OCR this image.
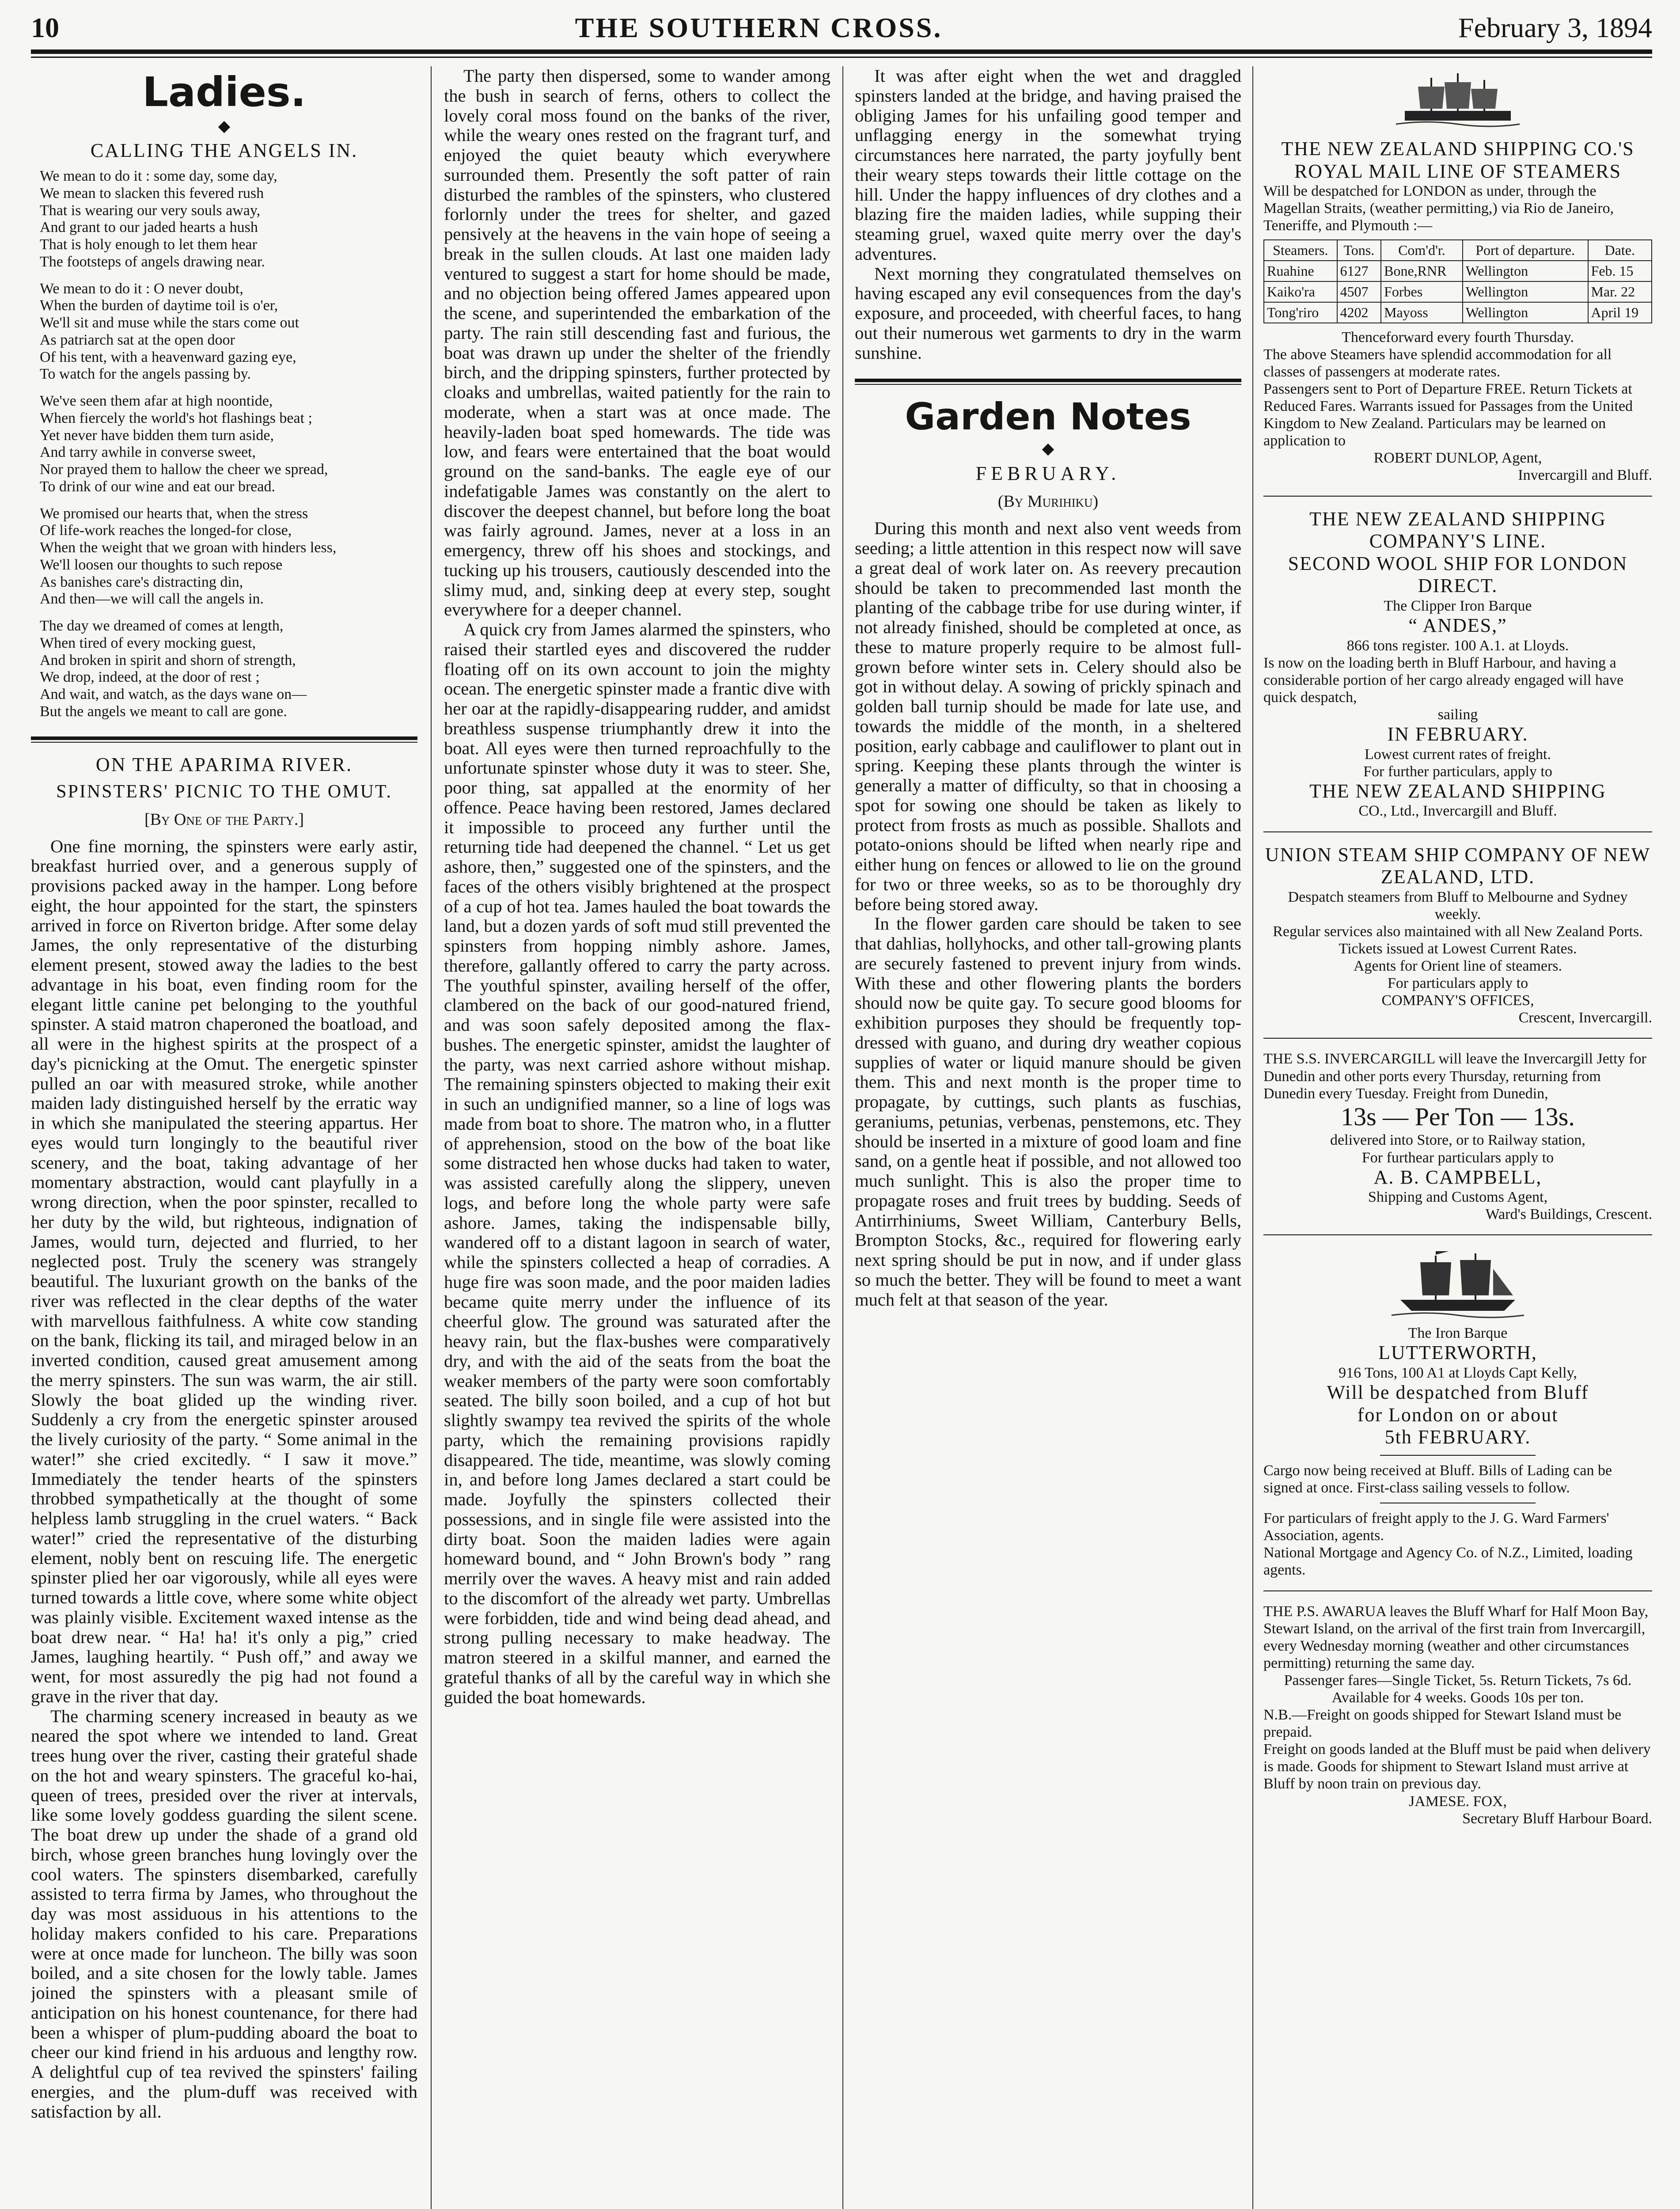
10	THE SOUTHERN CROSS.	February 3, 1894
Ladies.
◆
CALLING THE ANGELS IN.
We mean to do it : some day, some day,
We mean to slacken this fevered rush
That is wearing our very souls away,
And grant to our jaded hearts a hush
That is holy enough to let them hear
The footsteps of angels drawing near.
We mean to do it : O never doubt,
When the burden of daytime toil is o'er,
We'll sit and muse while the stars come out
As patriarch sat at the open door
Of his tent, with a heavenward gazing eye,
To watch for the angels passing by.
We've seen them afar at high noontide,
When fiercely the world's hot flashings beat ;
Yet never have bidden them turn aside,
And tarry awhile in converse sweet,
Nor prayed them to hallow the cheer we spread,
To drink of our wine and eat our bread.
We promised our hearts that, when the stress
Of life-work reaches the longed-for close,
When the weight that we groan with hinders less,
We'll loosen our thoughts to such repose
As banishes care's distracting din,
And then—we will call the angels in.
The day we dreamed of comes at length,
When tired of every mocking guest,
And broken in spirit and shorn of strength,
We drop, indeed, at the door of rest ;
And wait, and watch, as the days wane on—
But the angels we meant to call are gone.
ON THE APARIMA RIVER.
SPINSTERS' PICNIC TO THE OMUT.
[By One of the Party.]

One fine morning, the spinsters were early astir, breakfast hurried over, and a generous supply of provisions packed away in the hamper. Long before eight, the hour appointed for the start, the spinsters arrived in force on Riverton bridge. After some delay James, the only representative of the disturbing element present, stowed away the ladies to the best advantage in his boat, even finding room for the elegant little canine pet belonging to the youthful spinster. A staid matron chaperoned the boatload, and all were in the highest spirits at the prospect of a day's picnicking at the Omut. The energetic spinster pulled an oar with measured stroke, while another maiden lady distinguished herself by the erratic way in which she manipulated the steering appartus. Her eyes would turn longingly to the beautiful river scenery, and the boat, taking advantage of her momentary abstraction, would cant playfully in a wrong direction, when the poor spinster, recalled to her duty by the wild, but righteous, indignation of James, would turn, dejected and flurried, to her neglected post. Truly the scenery was strangely beautiful. The luxuriant growth on the banks of the river was reflected in the clear depths of the water with marvellous faithfulness. A white cow standing on the bank, flicking its tail, and miraged below in an inverted condition, caused great amusement among the merry spinsters. The sun was warm, the air still. Slowly the boat glided up the winding river. Suddenly a cry from the energetic spinster aroused the lively curiosity of the party. “ Some animal in the water!” she cried excitedly. “ I saw it move.” Immediately the tender hearts of the spinsters throbbed sympathetically at the thought of some helpless lamb struggling in the cruel waters. “ Back water!” cried the representative of the disturbing element, nobly bent on rescuing life. The energetic spinster plied her oar vigorously, while all eyes were turned towards a little cove, where some white object was plainly visible. Excitement waxed intense as the boat drew near. “ Ha! ha! it's only a pig,” cried James, laughing heartily. “ Push off,” and away we went, for most assuredly the pig had not found a grave in the river that day.

The charming scenery increased in beauty as we neared the spot where we intended to land. Great trees hung over the river, casting their grateful shade on the hot and weary spinsters. The graceful ko-hai, queen of trees, presided over the river at intervals, like some lovely goddess guarding the silent scene. The boat drew up under the shade of a grand old birch, whose green branches hung lovingly over the cool waters. The spinsters disembarked, carefully assisted to terra firma by James, who throughout the day was most assiduous in his attentions to the holiday makers confided to his care. Preparations were at once made for luncheon. The billy was soon boiled, and a site chosen for the lowly table. James joined the spinsters with a pleasant smile of anticipation on his honest countenance, for there had been a whisper of plum-pudding aboard the boat to cheer our kind friend in his arduous and lengthy row. A delightful cup of tea revived the spinsters' failing energies, and the plum-duff was received with satisfaction by all.

The party then dispersed, some to wander among the bush in search of ferns, others to collect the lovely coral moss found on the banks of the river, while the weary ones rested on the fragrant turf, and enjoyed the quiet beauty which everywhere surrounded them. Presently the soft patter of rain disturbed the rambles of the spinsters, who clustered forlornly under the trees for shelter, and gazed pensively at the heavens in the vain hope of seeing a break in the sullen clouds. At last one maiden lady ventured to suggest a start for home should be made, and no objection being offered James appeared upon the scene, and superintended the embarkation of the party. The rain still descending fast and furious, the boat was drawn up under the shelter of the friendly birch, and the dripping spinsters, further protected by cloaks and umbrellas, waited patiently for the rain to moderate, when a start was at once made. The heavily-laden boat sped homewards. The tide was low, and fears were entertained that the boat would ground on the sand-banks. The eagle eye of our indefatigable James was constantly on the alert to discover the deepest channel, but before long the boat was fairly aground. James, never at a loss in an emergency, threw off his shoes and stockings, and tucking up his trousers, cautiously descended into the slimy mud, and, sinking deep at every step, sought everywhere for a deeper channel.

A quick cry from James alarmed the spinsters, who raised their startled eyes and discovered the rudder floating off on its own account to join the mighty ocean. The energetic spinster made a frantic dive with her oar at the rapidly-disappearing rudder, and amidst breathless suspense triumphantly drew it into the boat. All eyes were then turned reproachfully to the unfortunate spinster whose duty it was to steer. She, poor thing, sat appalled at the enormity of her offence. Peace having been restored, James declared it impossible to proceed any further until the returning tide had deepened the channel. “ Let us get ashore, then,” suggested one of the spinsters, and the faces of the others visibly brightened at the prospect of a cup of hot tea. James hauled the boat towards the land, but a dozen yards of soft mud still prevented the spinsters from hopping nimbly ashore. James, therefore, gallantly offered to carry the party across. The youthful spinster, availing herself of the offer, clambered on the back of our good-natured friend, and was soon safely deposited among the flax-bushes. The energetic spinster, amidst the laughter of the party, was next carried ashore without mishap. The remaining spinsters objected to making their exit in such an undignified manner, so a line of logs was made from boat to shore. The matron who, in a flutter of apprehension, stood on the bow of the boat like some distracted hen whose ducks had taken to water, was assisted carefully along the slippery, uneven logs, and before long the whole party were safe ashore. James, taking the indispensable billy, wandered off to a distant lagoon in search of water, while the spinsters collected a heap of corradies. A huge fire was soon made, and the poor maiden ladies became quite merry under the influence of its cheerful glow. The ground was saturated after the heavy rain, but the flax-bushes were comparatively dry, and with the aid of the seats from the boat the weaker members of the party were soon comfortably seated. The billy soon boiled, and a cup of hot but slightly swampy tea revived the spirits of the whole party, which the remaining provisions rapidly disappeared. The tide, meantime, was slowly coming in, and before long James declared a start could be made. Joyfully the spinsters collected their possessions, and in single file were assisted into the dirty boat. Soon the maiden ladies were again homeward bound, and “ John Brown's body ” rang merrily over the waves. A heavy mist and rain added to the discomfort of the already wet party. Umbrellas were forbidden, tide and wind being dead ahead, and strong pulling necessary to make headway. The matron steered in a skilful manner, and earned the grateful thanks of all by the careful way in which she guided the boat homewards.

It was after eight when the wet and draggled spinsters landed at the bridge, and having praised the obliging James for his unfailing good temper and unflagging energy in the somewhat trying circumstances here narrated, the party joyfully bent their weary steps towards their little cottage on the hill. Under the happy influences of dry clothes and a blazing fire the maiden ladies, while supping their steaming gruel, waxed quite merry over the day's adventures.

Next morning they congratulated themselves on having escaped any evil consequences from the day's exposure, and proceeded, with cheerful faces, to hang out their numerous wet garments to dry in the warm sunshine.

Garden Notes
◆
FEBRUARY.
(By Murihiku)

During this month and next also vent weeds from seeding; a little attention in this respect now will save a great deal of work later on. As reevery precaution should be taken to precommended last month the planting of the cabbage tribe for use during winter, if not already finished, should be completed at once, as these to mature properly require to be almost full-grown before winter sets in. Celery should also be got in without delay. A sowing of prickly spinach and golden ball turnip should be made for late use, and towards the middle of the month, in a sheltered position, early cabbage and cauliflower to plant out in spring. Keeping these plants through the winter is generally a matter of difficulty, so that in choosing a spot for sowing one should be taken as likely to protect from frosts as much as possible. Shallots and potato-onions should be lifted when nearly ripe and either hung on fences or allowed to lie on the ground for two or three weeks, so as to be thoroughly dry before being stored away.

In the flower garden care should be taken to see that dahlias, hollyhocks, and other tall-growing plants are securely fastened to prevent injury from winds. With these and other flowering plants the borders should now be quite gay. To secure good blooms for exhibition purposes they should be frequently top-dressed with guano, and during dry weather copious supplies of water or liquid manure should be given them. This and next month is the proper time to propagate, by cuttings, such plants as fuschias, geraniums, petunias, verbenas, penstemons, etc. They should be inserted in a mixture of good loam and fine sand, on a gentle heat if possible, and not allowed too much sunlight. This is also the proper time to propagate roses and fruit trees by budding. Seeds of Antirrhiniums, Sweet William, Canterbury Bells, Brompton Stocks, &c., required for flowering early next spring should be put in now, and if under glass so much the better. They will be found to meet a want much felt at that season of the year.

THE NEW ZEALAND SHIPPING CO.'S

ROYAL MAIL LINE OF STEAMERS

Will be despatched for LONDON as under, through the Magellan Straits, (weather permitting,) via Rio de Janeiro, Teneriffe, and Plymouth :—

Steamers.	Tons.	Com'd'r.	Port of departure.	Date.
Ruahine	6127	Bone,RNR	Wellington	Feb. 15
Kaiko'ra	4507	Forbes	Wellington	Mar. 22
Tong'riro	4202	Mayoss	Wellington	April 19

Thenceforward every fourth Thursday.

The above Steamers have splendid accommodation for all classes of passengers at moderate rates.

Passengers sent to Port of Departure FREE. Return Tickets at Reduced Fares. Warrants issued for Passages from the United Kingdom to New Zealand. Particulars may be learned on application to

ROBERT DUNLOP, Agent,

Invercargill and Bluff.

THE NEW ZEALAND SHIPPING COMPANY'S LINE.

SECOND WOOL SHIP FOR LONDON DIRECT.

The Clipper Iron Barque

“ ANDES,”

866 tons register. 100 A.1. at Lloyds.

Is now on the loading berth in Bluff Harbour, and having a considerable portion of her cargo already engaged will have quick despatch,

sailing

IN FEBRUARY.

Lowest current rates of freight.

For further particulars, apply to

THE NEW ZEALAND SHIPPING

CO., Ltd., Invercargill and Bluff.

UNION STEAM SHIP COMPANY OF NEW ZEALAND, LTD.

Despatch steamers from Bluff to Melbourne and Sydney weekly.

Regular services also maintained with all New Zealand Ports.

Tickets issued at Lowest Current Rates.

Agents for Orient line of steamers.

For particulars apply to

COMPANY'S OFFICES,

Crescent, Invercargill.

THE S.S. INVERCARGILL will leave the Invercargill Jetty for Dunedin and other ports every Thursday, returning from Dunedin every Tuesday. Freight from Dunedin,

13s — Per Ton — 13s.

delivered into Store, or to Railway station,

For furthear particulars apply to

A. B. CAMPBELL,

Shipping and Customs Agent,

Ward's Buildings, Crescent.

The Iron Barque

LUTTERWORTH,

916 Tons, 100 A1 at Lloyds Capt Kelly,

Will be despatched from Bluff

for London on or about

5th FEBRUARY.

Cargo now being received at Bluff. Bills of Lading can be signed at once. First-class sailing vessels to follow.

For particulars of freight apply to the J. G. Ward Farmers' Association, agents.

National Mortgage and Agency Co. of N.Z., Limited, loading agents.

THE P.S. AWARUA leaves the Bluff Wharf for Half Moon Bay, Stewart Island, on the arrival of the first train from Invercargill, every Wednesday morning (weather and other circumstances permitting) returning the same day.

Passenger fares—Single Ticket, 5s. Return Tickets, 7s 6d.

Available for 4 weeks. Goods 10s per ton.

N.B.—Freight on goods shipped for Stewart Island must be prepaid.

Freight on goods landed at the Bluff must be paid when delivery is made. Goods for shipment to Stewart Island must arrive at Bluff by noon train on previous day.

JAMESE. FOX,

Secretary Bluff Harbour Board.
